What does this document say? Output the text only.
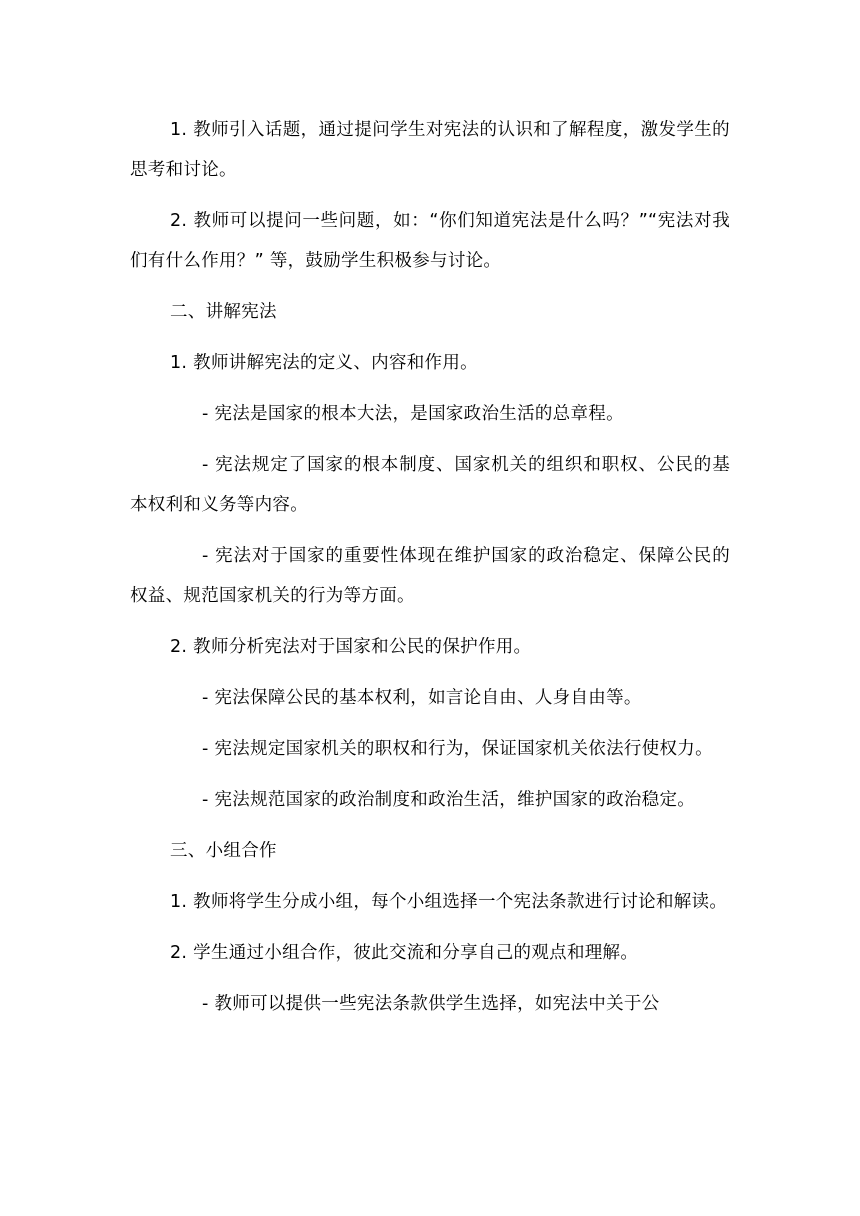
1. 教师引入话题，通过提问学生对宪法的认识和了解程度，激发学生的思考和讨论。

2. 教师可以提问一些问题，如：“你们知道宪法是什么吗？”“宪法对我们有什么作用？” 等，鼓励学生积极参与讨论。

二、讲解宪法

1. 教师讲解宪法的定义、内容和作用。

- 宪法是国家的根本大法，是国家政治生活的总章程。

- 宪法规定了国家的根本制度、国家机关的组织和职权、公民的基本权利和义务等内容。

- 宪法对于国家的重要性体现在维护国家的政治稳定、保障公民的权益、规范国家机关的行为等方面。

2. 教师分析宪法对于国家和公民的保护作用。

- 宪法保障公民的基本权利，如言论自由、人身自由等。

- 宪法规定国家机关的职权和行为，保证国家机关依法行使权力。

- 宪法规范国家的政治制度和政治生活，维护国家的政治稳定。

三、小组合作

1. 教师将学生分成小组，每个小组选择一个宪法条款进行讨论和解读。

2. 学生通过小组合作，彼此交流和分享自己的观点和理解。

- 教师可以提供一些宪法条款供学生选择，如宪法中关于公
